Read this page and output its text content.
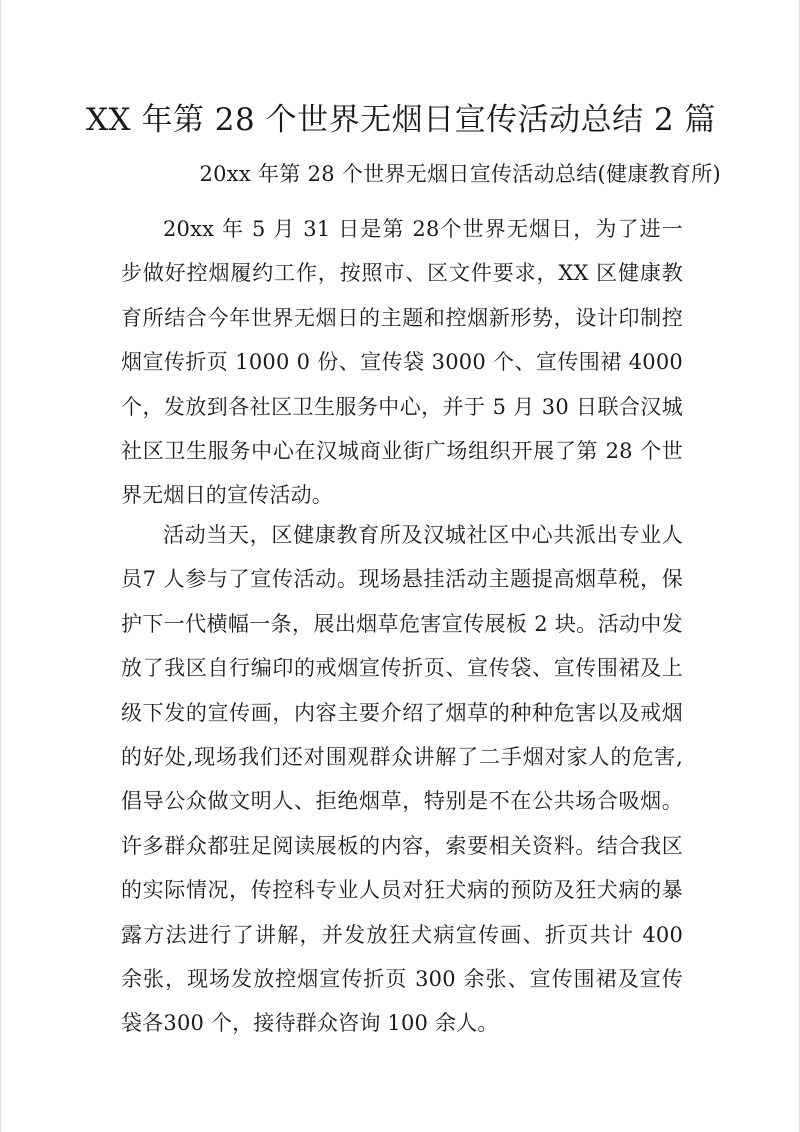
XX 年第 28 个世界无烟日宣传活动总结 2 篇
20xx 年第 28 个世界无烟日宣传活动总结(健康教育所)

20xx 年 5 月 31 日是第 28个世界无烟日，为了进一步做好控烟履约工作，按照市、区文件要求，XX 区健康教育所结合今年世界无烟日的主题和控烟新形势，设计印制控烟宣传折页 1000 0 份、宣传袋 3000 个、宣传围裙 4000 个，发放到各社区卫生服务中心，并于 5 月 30 日联合汉城社区卫生服务中心在汉城商业街广场组织开展了第 28 个世界无烟日的宣传活动。

活动当天，区健康教育所及汉城社区中心共派出专业人员7 人参与了宣传活动。现场悬挂活动主题提高烟草税，保护下一代横幅一条，展出烟草危害宣传展板 2 块。活动中发放了我区自行编印的戒烟宣传折页、宣传袋、宣传围裙及上级下发的宣传画，内容主要介绍了烟草的种种危害以及戒烟的好处,现场我们还对围观群众讲解了二手烟对家人的危害,倡导公众做文明人、拒绝烟草，特别是不在公共场合吸烟。许多群众都驻足阅读展板的内容，索要相关资料。结合我区的实际情况，传控科专业人员对狂犬病的预防及狂犬病的暴露方法进行了讲解，并发放狂犬病宣传画、折页共计 400 余张，现场发放控烟宣传折页 300 余张、宣传围裙及宣传袋各300 个，接待群众咨询 100 余人。
